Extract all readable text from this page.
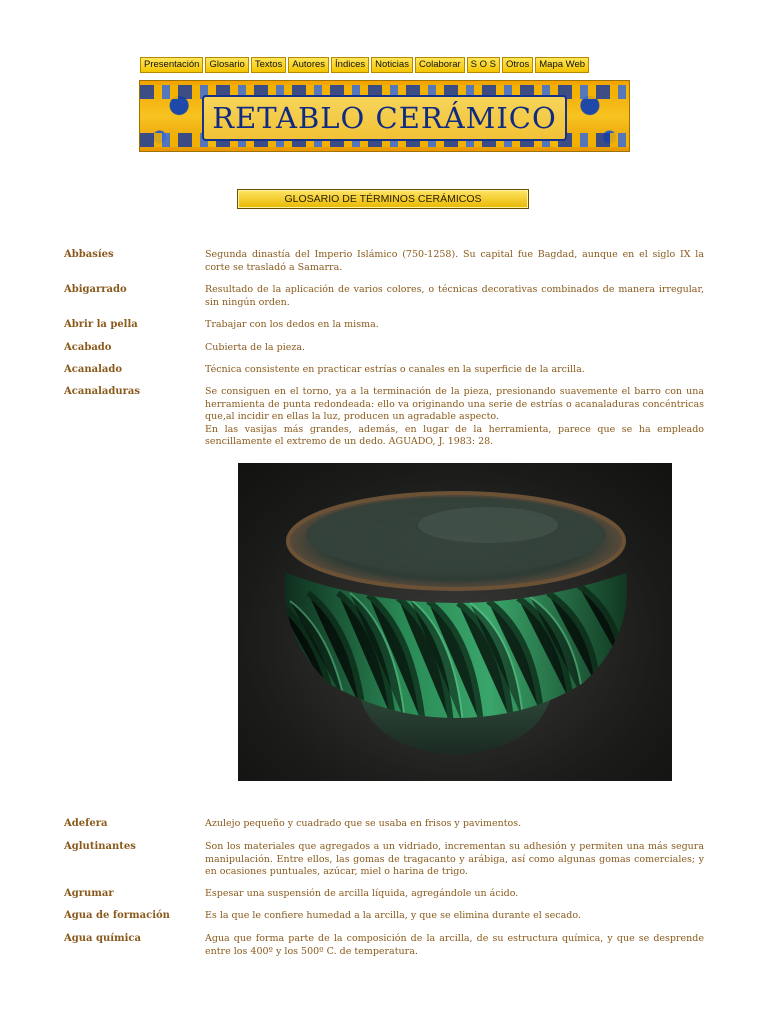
Presentación	Glosario	Textos	Autores	Índices	Noticias	Colaborar	S O S	Otros	Mapa Web
RETABLO CERÁMICO
GLOSARIO DE TÉRMINOS CERÁMICOS
Abbasíes	Segunda dinastía del Imperio Islámico (750-1258). Su capital fue Bagdad, aunque en el siglo IX la corte se trasladó a Samarra.

Abigarrado	Resultado de la aplicación de varios colores, o técnicas decorativas combinados de manera irregular, sin ningún orden.

Abrir la pella	Trabajar con los dedos en la misma.

Acabado	Cubierta de la pieza.

Acanalado	Técnica consistente en practicar estrías o canales en la superficie de la arcilla.

Acanaladuras	Se consiguen en el torno, ya a la terminación de la pieza, presionando suavemente el barro con una herramienta de punta redondeada: ello va originando una serie de estrías o acanaladuras concéntricas que,al incidir en ellas la luz, producen un agradable aspecto.

En las vasijas más grandes, además, en lugar de la herramienta, parece que se ha empleado sencillamente el extremo de un dedo. AGUADO, J. 1983: 28.

Adefera	Azulejo pequeño y cuadrado que se usaba en frisos y pavimentos.

Aglutinantes	Son los materiales que agregados a un vidriado, incrementan su adhesión y permiten una más segura manipulación. Entre ellos, las gomas de tragacanto y arábiga, así como algunas gomas comerciales; y en ocasiones puntuales, azúcar, miel o harina de trigo.

Agrumar	Espesar una suspensión de arcilla líquida, agregándole un ácido.

Agua de formación	Es la que le confiere humedad a la arcilla, y que se elimina durante el secado.

Agua química	Agua que forma parte de la composición de la arcilla, de su estructura química, y que se desprende entre los 400º y los 500º C. de temperatura.
